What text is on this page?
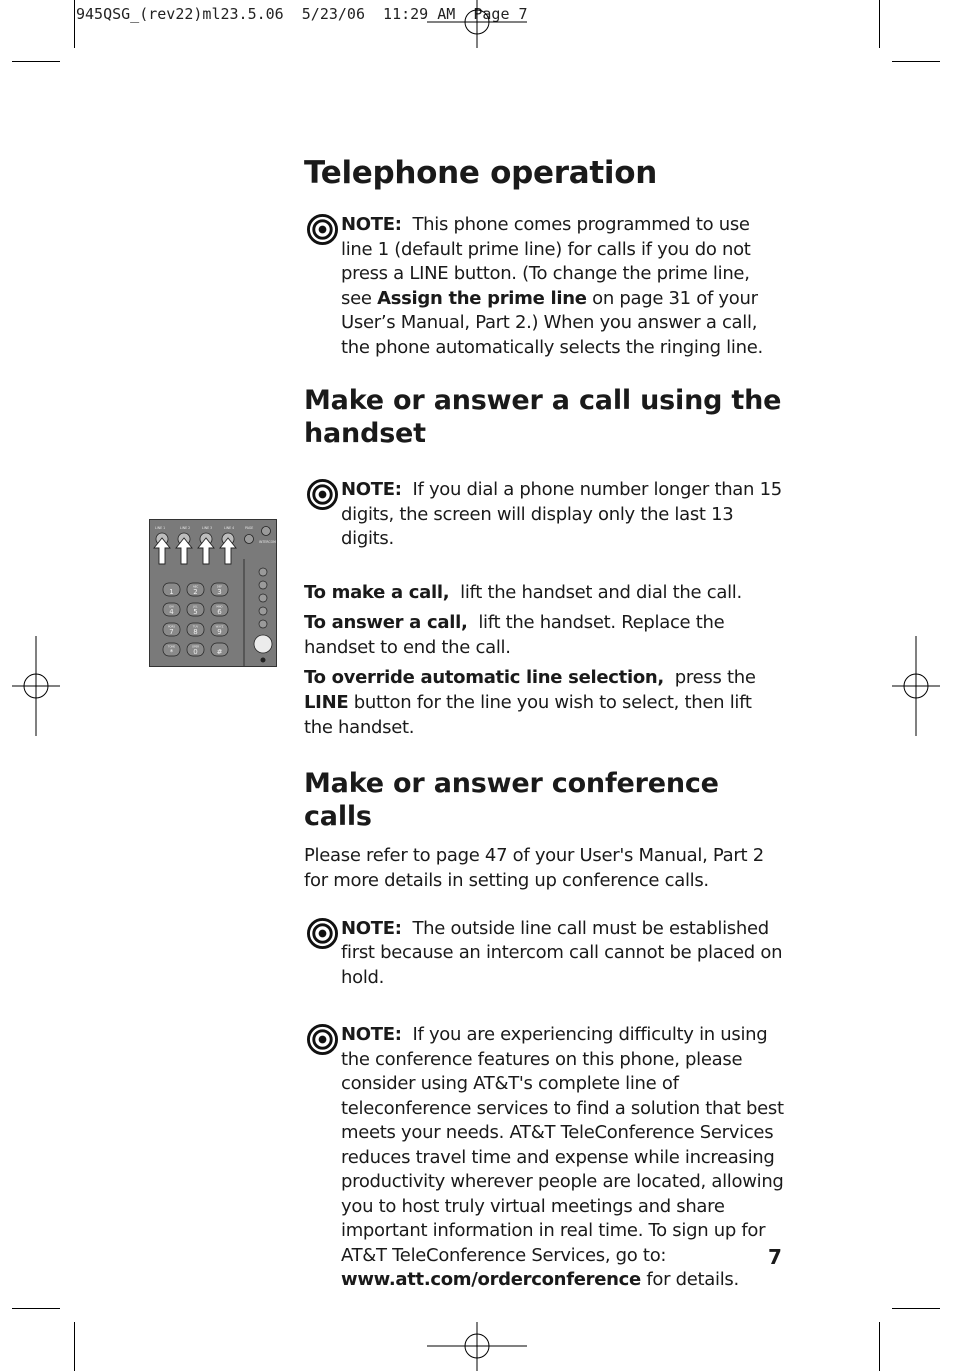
945QSG_(rev22)ml23.5.06  5/23/06  11:29 AM  Page 7
LINE 1	LINE 2	LINE 3	LINE 4	PAGE
INTERCOM
1	2	3
4	5	6
7	8	9
*	0	#
ABC	DEF
GHI	JKL	MNO
PQRS	TUV	WXYZ
TONE	OPER
Telephone operation
NOTE: This phone comes programmed to use line 1 (default prime line) for calls if you do not press a LINE button. (To change the prime line, see Assign the prime line on page 31 of your User’s Manual, Part 2.) When you answer a call, the phone automatically selects the ringing line.
Make or answer a call using the handset
NOTE: If you dial a phone number longer than 15 digits, the screen will display only the last 13 digits.

To make a call, lift the handset and dial the call.

To answer a call, lift the handset. Replace the handset to end the call.

To override automatic line selection, press the LINE button for the line you wish to select, then lift the handset.

Make or answer conference calls

Please refer to page 47 of your User's Manual, Part 2 for more details in setting up conference calls.

NOTE: The outside line call must be established first because an intercom call cannot be placed on hold.
NOTE: If you are experiencing difficulty in using the conference features on this phone, please consider using AT&T's complete line of teleconference services to find a solution that best meets your needs. AT&T TeleConference Services reduces travel time and expense while increasing productivity wherever people are located, allowing you to host truly virtual meetings and share important information in real time. To sign up for AT&T TeleConference Services, go to: www.att.com/orderconference for details.
7
